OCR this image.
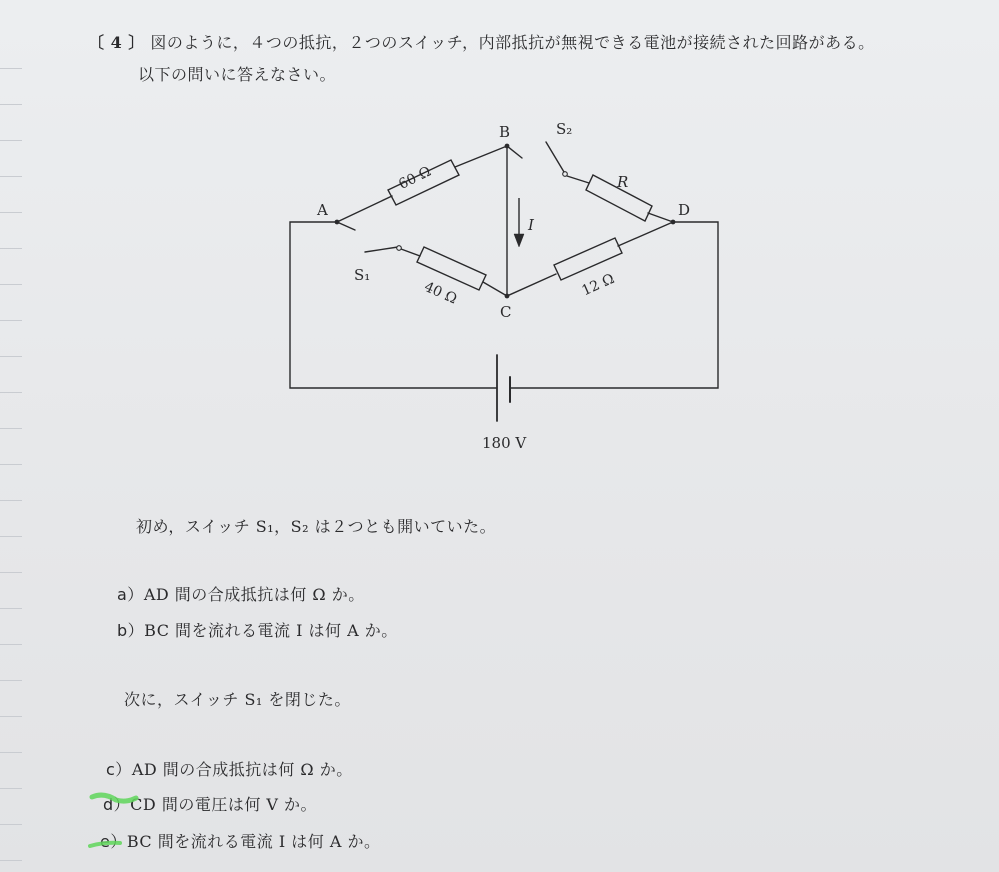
〔 4 〕 図のように，４つの抵抗，２つのスイッチ，内部抵抗が無視できる電池が接続された回路がある。
以下の問いに答えなさい。
A
B
C
D
S₁
S₂
60 Ω
40 Ω	12 Ω
R
I
180 V
初め，スイッチ S₁，S₂ は２つとも開いていた。
a）AD 間の合成抵抗は何 Ω か。
b）BC 間を流れる電流 I は何 A か。
次に，スイッチ S₁ を閉じた。
c）AD 間の合成抵抗は何 Ω か。
d）CD 間の電圧は何 V か。
e）BC 間を流れる電流 I は何 A か。
